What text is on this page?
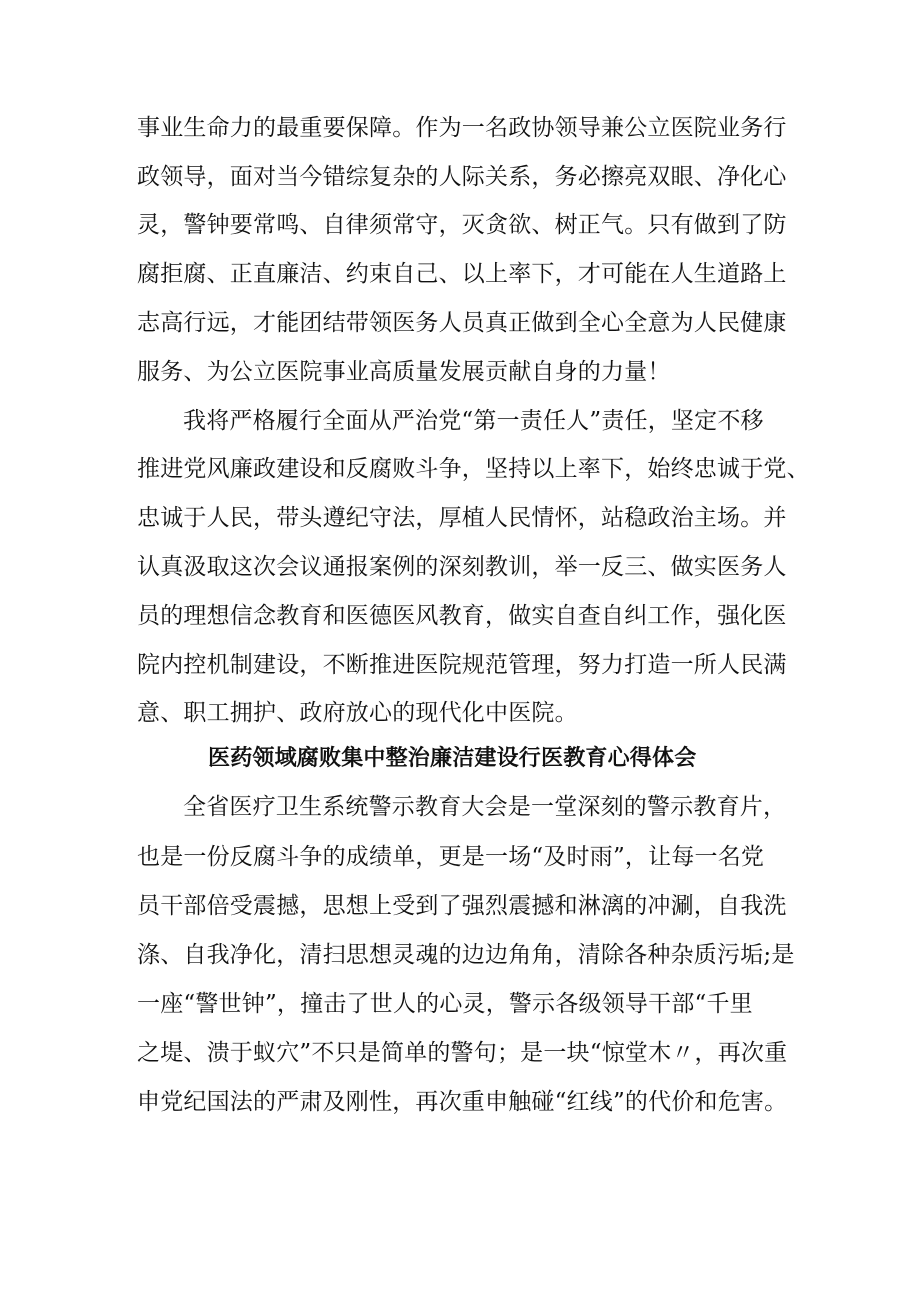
事业生命力的最重要保障。作为一名政协领导兼公立医院业务行
政领导，面对当今错综复杂的人际关系，务必擦亮双眼、净化心
灵，警钟要常鸣、自律须常守，灭贪欲、树正气。只有做到了防
腐拒腐、正直廉洁、约束自己、以上率下，才可能在人生道路上
志高行远，才能团结带领医务人员真正做到全心全意为人民健康
服务、为公立医院事业高质量发展贡献自身的力量！
我将严格履行全面从严治党“第一责任人”责任，坚定不移
推进党风廉政建设和反腐败斗争，坚持以上率下，始终忠诚于党、
忠诚于人民，带头遵纪守法，厚植人民情怀，站稳政治主场。并
认真汲取这次会议通报案例的深刻教训，举一反三、做实医务人
员的理想信念教育和医德医风教育，做实自查自纠工作，强化医
院内控机制建设，不断推进医院规范管理，努力打造一所人民满
意、职工拥护、政府放心的现代化中医院。
医药领域腐败集中整治廉洁建设行医教育心得体会
全省医疗卫生系统警示教育大会是一堂深刻的警示教育片，
也是一份反腐斗争的成绩单，更是一场“及时雨”，让每一名党
员干部倍受震撼，思想上受到了强烈震撼和淋漓的冲涮，自我洗
涤、自我净化，清扫思想灵魂的边边角角，清除各种杂质污垢;是
一座“警世钟”，撞击了世人的心灵，警示各级领导干部“千里
之堤、溃于蚁穴”不只是简单的警句；是一块“惊堂木〃，再次重
申党纪国法的严肃及刚性，再次重申触碰“红线”的代价和危害。
